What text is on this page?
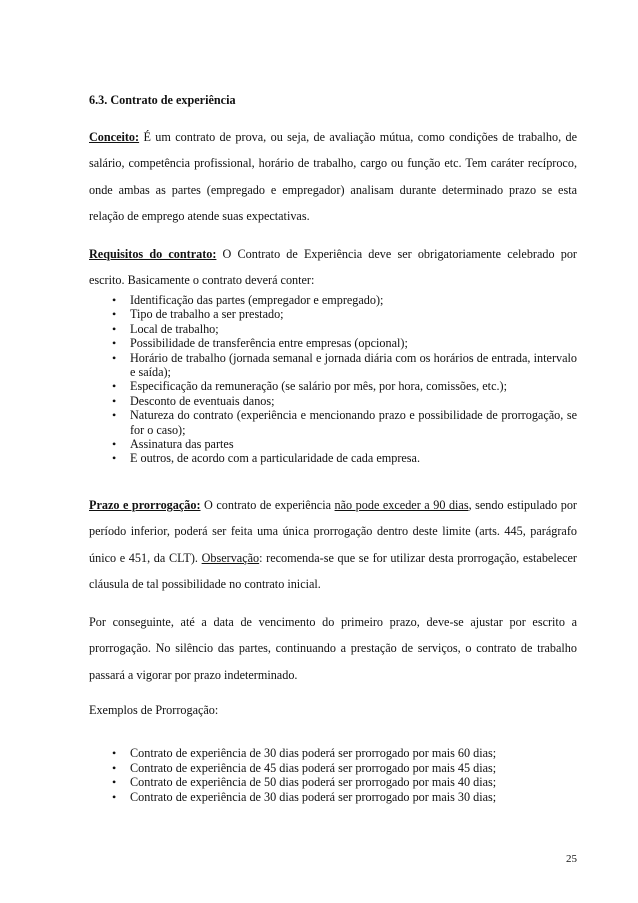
6.3. Contrato de experiência

Conceito: É um contrato de prova, ou seja, de avaliação mútua, como condições de trabalho, de salário, competência profissional, horário de trabalho, cargo ou função etc. Tem caráter recíproco, onde ambas as partes (empregado e empregador) analisam durante determinado prazo se esta relação de emprego atende suas expectativas.

Requisitos do contrato: O Contrato de Experiência deve ser obrigatoriamente celebrado por escrito. Basicamente o contrato deverá conter:

• Identificação das partes (empregador e empregado);
• Tipo de trabalho a ser prestado;
• Local de trabalho;
• Possibilidade de transferência entre empresas (opcional);
• Horário de trabalho (jornada semanal e jornada diária com os horários de entrada, intervalo e saída);
• Especificação da remuneração (se salário por mês, por hora, comissões, etc.);
• Desconto de eventuais danos;
• Natureza do contrato (experiência e mencionando prazo e possibilidade de prorrogação, se for o caso);
• Assinatura das partes
• E outros, de acordo com a particularidade de cada empresa.

Prazo e prorrogação: O contrato de experiência não pode exceder a 90 dias, sendo estipulado por período inferior, poderá ser feita uma única prorrogação dentro deste limite (arts. 445, parágrafo único e 451, da CLT). Observação: recomenda-se que se for utilizar desta prorrogação, estabelecer cláusula de tal possibilidade no contrato inicial.

Por conseguinte, até a data de vencimento do primeiro prazo, deve-se ajustar por escrito a prorrogação. No silêncio das partes, continuando a prestação de serviços, o contrato de trabalho passará a vigorar por prazo indeterminado.

Exemplos de Prorrogação:

• Contrato de experiência de 30 dias poderá ser prorrogado por mais 60 dias;
• Contrato de experiência de 45 dias poderá ser prorrogado por mais 45 dias;
• Contrato de experiência de 50 dias poderá ser prorrogado por mais 40 dias;
• Contrato de experiência de 30 dias poderá ser prorrogado por mais 30 dias;
25
